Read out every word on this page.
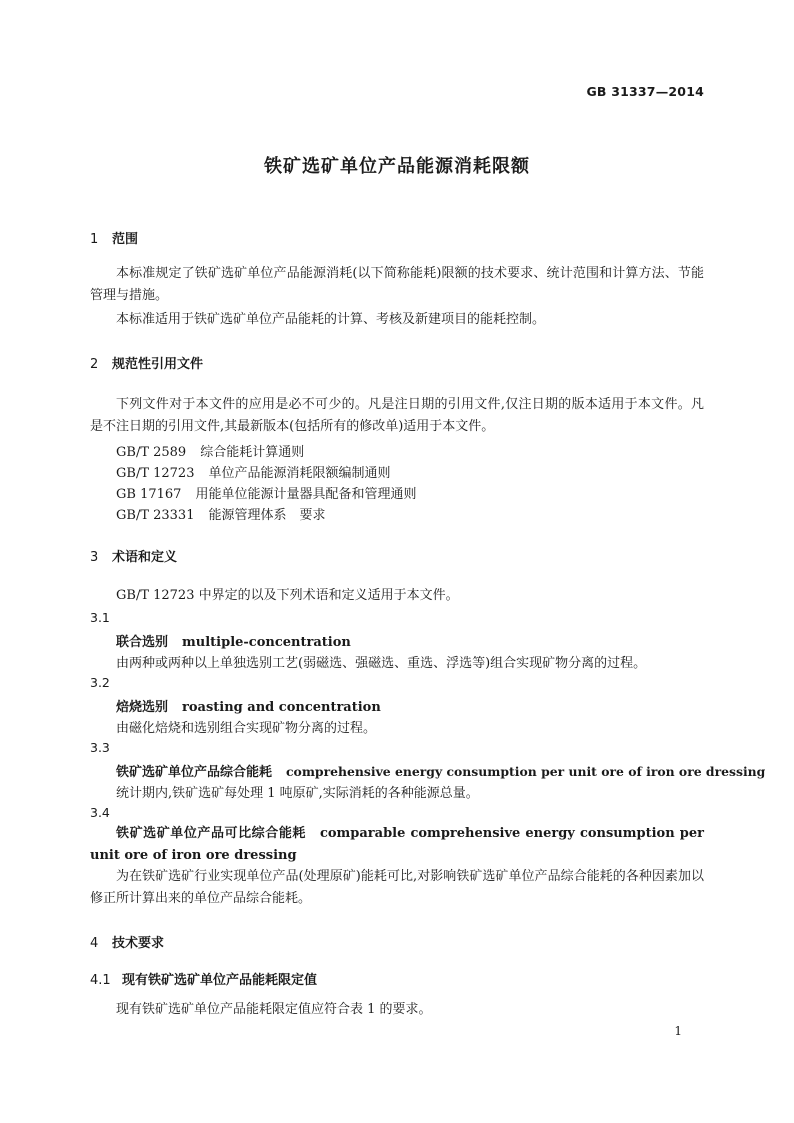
GB 31337—2014
铁矿选矿单位产品能源消耗限额
1 范围
本标准规定了铁矿选矿单位产品能源消耗(以下简称能耗)限额的技术要求、统计范围和计算方法、节能管理与措施。
本标准适用于铁矿选矿单位产品能耗的计算、考核及新建项目的能耗控制。
2 规范性引用文件
下列文件对于本文件的应用是必不可少的。凡是注日期的引用文件,仅注日期的版本适用于本文件。凡是不注日期的引用文件,其最新版本(包括所有的修改单)适用于本文件。
GB/T 2589 综合能耗计算通则
GB/T 12723 单位产品能源消耗限额编制通则
GB 17167 用能单位能源计量器具配备和管理通则
GB/T 23331 能源管理体系　要求
3 术语和定义
GB/T 12723 中界定的以及下列术语和定义适用于本文件。
3.1
联合选别 multiple-concentration
由两种或两种以上单独选别工艺(弱磁选、强磁选、重选、浮选等)组合实现矿物分离的过程。
3.2
焙烧选别 roasting and concentration
由磁化焙烧和选别组合实现矿物分离的过程。
3.3
铁矿选矿单位产品综合能耗 comprehensive energy consumption per unit ore of iron ore dressing
统计期内,铁矿选矿每处理 1 吨原矿,实际消耗的各种能源总量。
3.4
铁矿选矿单位产品可比综合能耗 comparable comprehensive energy consumption per unit ore of iron ore dressing
为在铁矿选矿行业实现单位产品(处理原矿)能耗可比,对影响铁矿选矿单位产品综合能耗的各种因素加以修正所计算出来的单位产品综合能耗。
4 技术要求
4.1 现有铁矿选矿单位产品能耗限定值
现有铁矿选矿单位产品能耗限定值应符合表 1 的要求。
1
